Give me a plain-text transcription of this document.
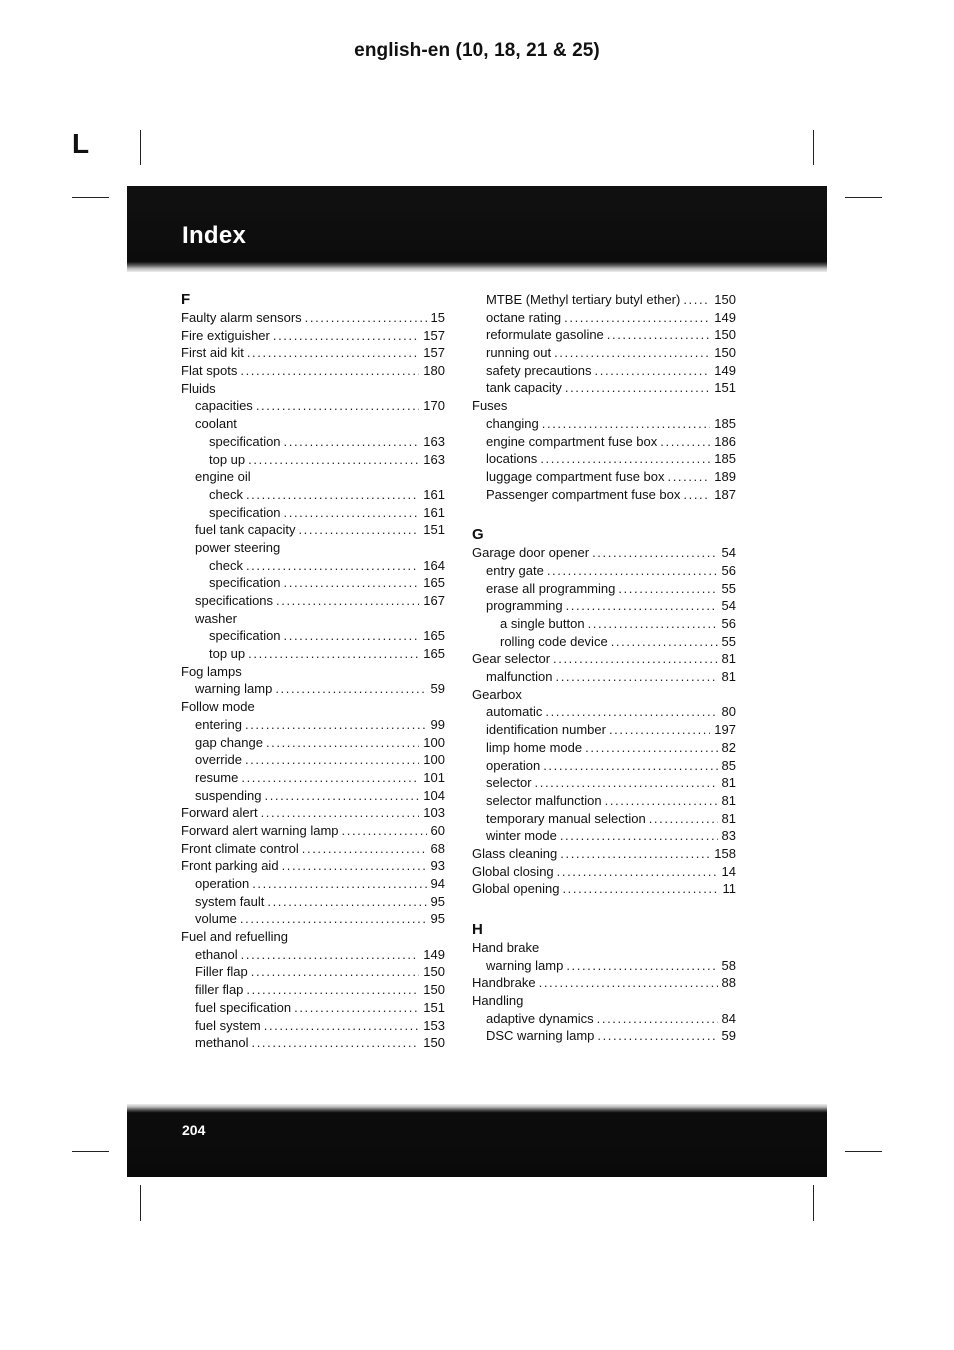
english-en (10, 18, 21 & 25)
L
Index
F
Faulty alarm sensors .....	15
Fire extiguisher .....	157
First aid kit .....	157
Flat spots .....	180
Fluids
capacities .....	170
coolant
specification .....	163
top up .....	163
engine oil
check .....	161
specification .....	161
fuel tank capacity .....	151
power steering
check .....	164
specification .....	165
specifications .....	167
washer
specification .....	165
top up .....	165
Fog lamps
warning lamp .....	59
Follow mode
entering .....	99
gap change .....	100
override .....	100
resume .....	101
suspending .....	104
Forward alert .....	103
Forward alert warning lamp .....	60
Front climate control .....	68
Front parking aid .....	93
operation .....	94
system fault .....	95
volume .....	95
Fuel and refuelling
ethanol .....	149
Filler flap .....	150
filler flap .....	150
fuel specification .....	151
fuel system .....	153
methanol .....	150
MTBE (Methyl tertiary butyl ether) .....	150
octane rating .....	149
reformulate gasoline .....	150
running out .....	150
safety precautions .....	149
tank capacity .....	151
Fuses
changing .....	185
engine compartment fuse box .....	186
locations .....	185
luggage compartment fuse box .....	189
Passenger compartment fuse box .....	187
G
Garage door opener .....	54
entry gate .....	56
erase all programming .....	55
programming .....	54
a single button .....	56
rolling code device .....	55
Gear selector .....	81
malfunction .....	81
Gearbox
automatic .....	80
identification number .....	197
limp home mode .....	82
operation .....	85
selector .....	81
selector malfunction .....	81
temporary manual selection .....	81
winter mode .....	83
Glass cleaning .....	158
Global closing .....	14
Global opening .....	11
H
Hand brake
warning lamp .....	58
Handbrake .....	88
Handling
adaptive dynamics .....	84
DSC warning lamp .....	59
204
